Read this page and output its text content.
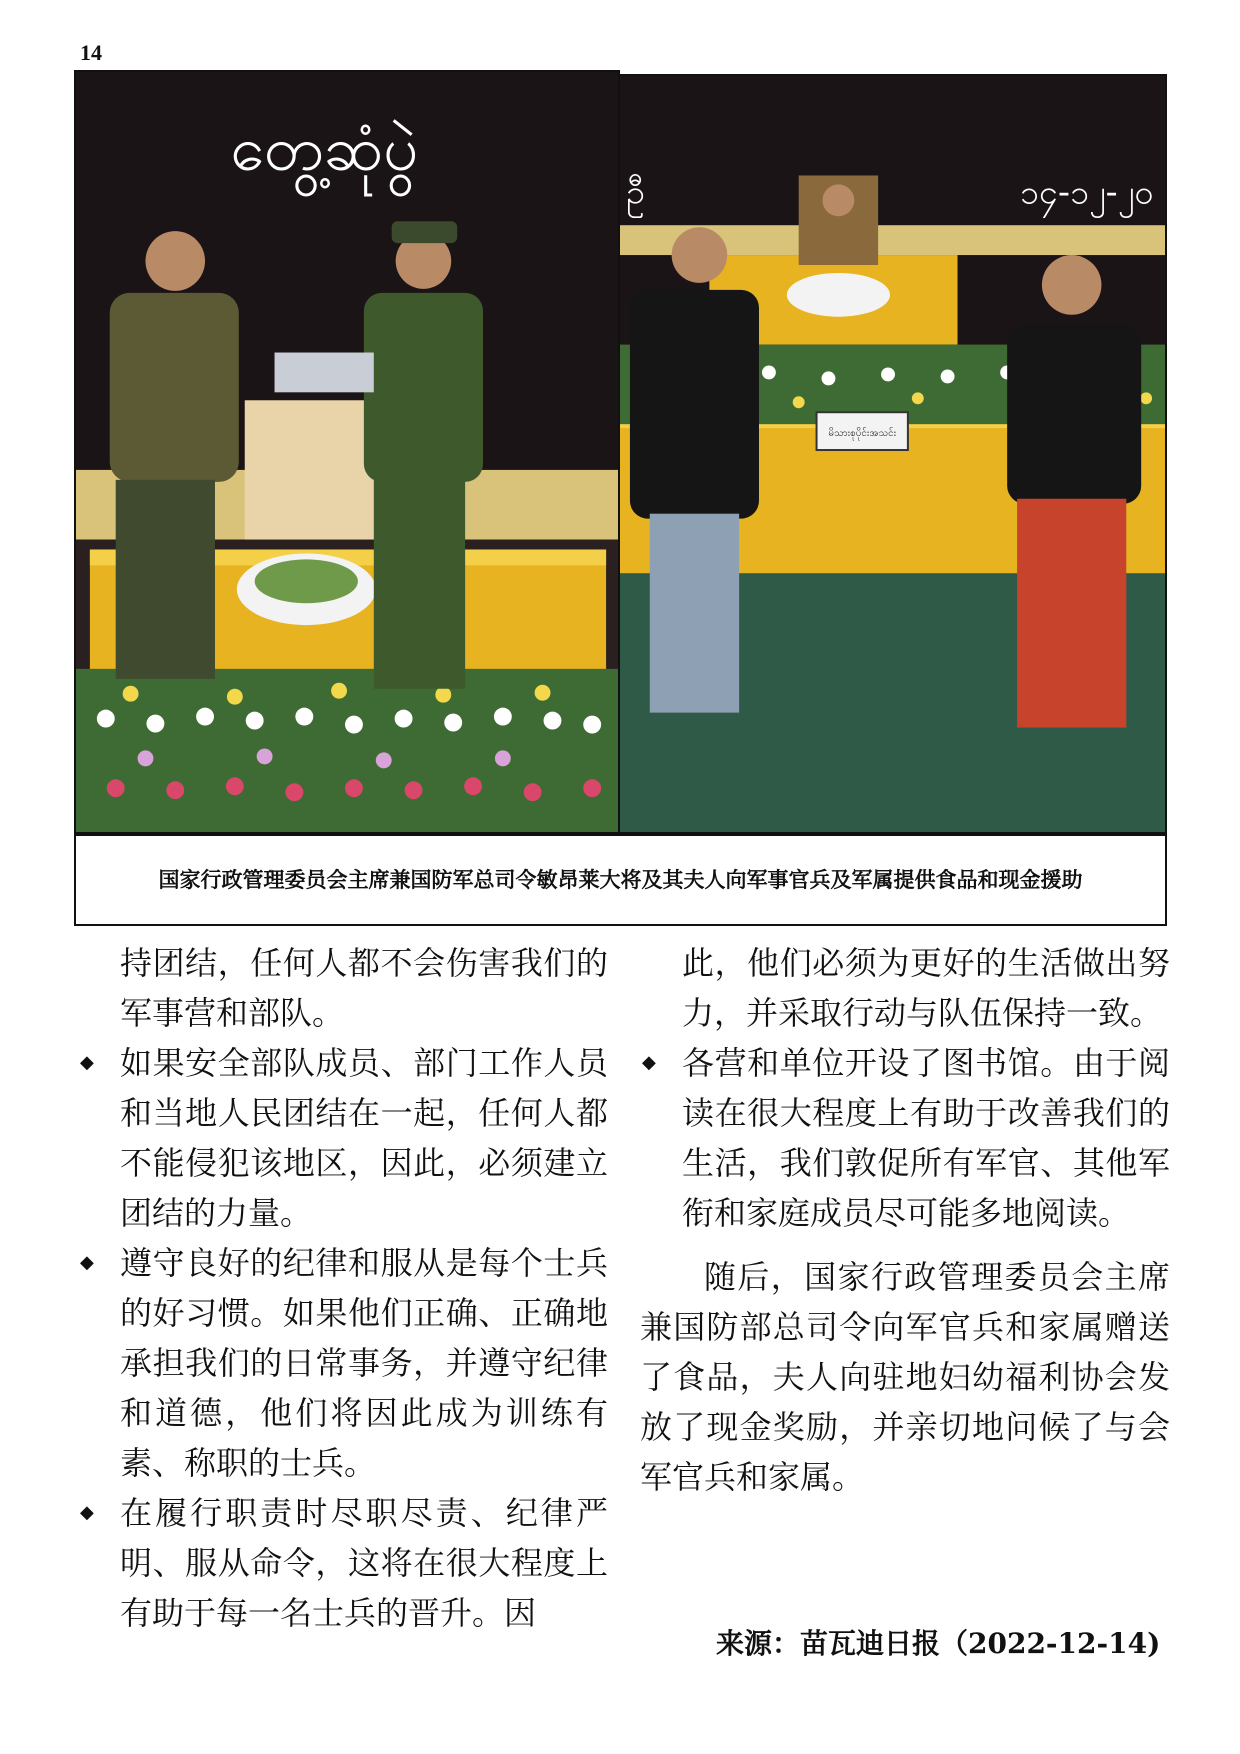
14
တွေ့ဆုံပွဲ
မိသားစုပိုင်းအသင်း
၁၄-၁၂-၂၀
ဦ
国家行政管理委员会主席兼国防军总司令敏昂莱大将及其夫人向军事官兵及军属提供食品和现金援助

持团结，任何人都不会伤害我们的军事营和部队。

◆ 如果安全部队成员、部门工作人员和当地人民团结在一起，任何人都不能侵犯该地区，因此，必须建立团结的力量。

◆ 遵守良好的纪律和服从是每个士兵的好习惯。如果他们正确、正确地承担我们的日常事务，并遵守纪律和道德，他们将因此成为训练有素、称职的士兵。

◆ 在履行职责时尽职尽责、纪律严明、服从命令，这将在很大程度上有助于每一名士兵的晋升。因

此，他们必须为更好的生活做出努力，并采取行动与队伍保持一致。

◆ 各营和单位开设了图书馆。由于阅读在很大程度上有助于改善我们的生活，我们敦促所有军官、其他军衔和家庭成员尽可能多地阅读。

随后，国家行政管理委员会主席兼国防部总司令向军官兵和家属赠送了食品，夫人向驻地妇幼福利协会发放了现金奖励，并亲切地问候了与会军官兵和家属。

来源：苗瓦迪日报（2022-12-14)
